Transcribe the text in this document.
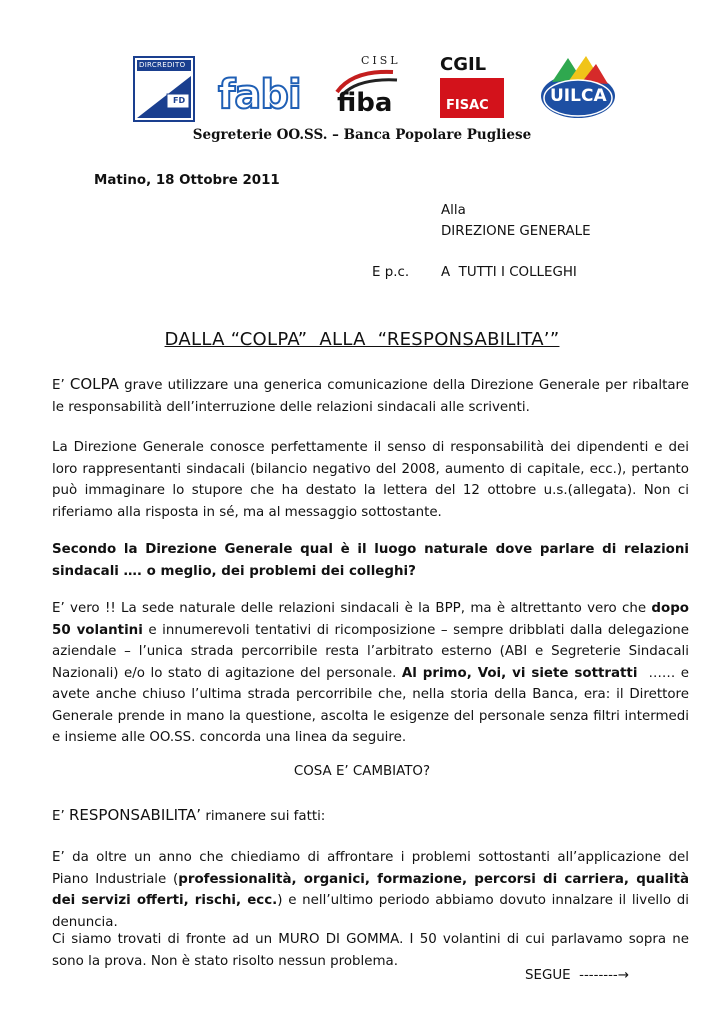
DIRCREDITO
FD fabi
CISL
fiba
CGIL
FISAC	UILCA
Segreterie OO.SS. – Banca Popolare Pugliese
Matino, 18 Ottobre 2011
Alla
DIREZIONE GENERALE
E p.c. A  TUTTI I COLLEGHI
DALLA “COLPA”  ALLA  “RESPONSABILITA’”
E’ COLPA grave utilizzare una generica comunicazione della Direzione Generale per ribaltare le responsabilità dell’interruzione delle relazioni sindacali alle scriventi.
La Direzione Generale conosce perfettamente il senso di responsabilità dei dipendenti e dei loro rappresentanti sindacali (bilancio negativo del 2008, aumento di capitale, ecc.), pertanto può immaginare lo stupore che ha destato la lettera del 12 ottobre u.s.(allegata). Non ci riferiamo alla risposta in sé, ma al messaggio sottostante.
Secondo la Direzione Generale qual è il luogo naturale dove parlare di relazioni sindacali …. o meglio, dei problemi dei colleghi?
E’ vero !! La sede naturale delle relazioni sindacali è la BPP, ma è altrettanto vero che dopo 50 volantini e innumerevoli tentativi di ricomposizione – sempre dribblati dalla delegazione aziendale – l’unica strada percorribile resta l’arbitrato esterno (ABI e Segreterie Sindacali Nazionali) e/o lo stato di agitazione del personale. Al primo, Voi, vi siete sottratti  …… e avete anche chiuso l’ultima strada percorribile che, nella storia della Banca, era: il Direttore Generale prende in mano la questione, ascolta le esigenze del personale senza filtri intermedi e insieme alle OO.SS. concorda una linea da seguire.
COSA E’ CAMBIATO?
E’ RESPONSABILITA’ rimanere sui fatti:
E’ da oltre un anno che chiediamo di affrontare i problemi sottostanti all’applicazione del Piano Industriale (professionalità, organici, formazione, percorsi di carriera, qualità dei servizi offerti, rischi, ecc.) e nell’ultimo periodo abbiamo dovuto innalzare il livello di denuncia.
Ci siamo trovati di fronte ad un MURO DI GOMMA. I 50 volantini di cui parlavamo sopra ne sono la prova. Non è stato risolto nessun problema.
SEGUE  --------→
